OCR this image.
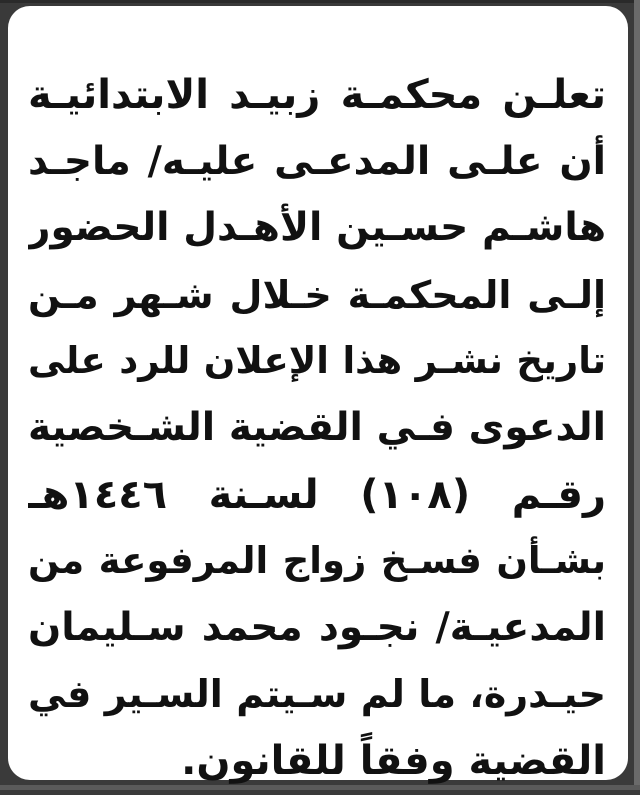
تعلـن محكمـة زبيـد الابتدائيـة
أن علـى المدعـى عليـه/ ماجـد
هاشـم حسـين الأهـدل الحضور
إلـى المحكمـة خـلال شـهر مـن
تاريخ نشـر هذا الإعلان للرد على
الدعوى فـي القضية الشـخصية
رقـم (١٠٨) لسـنة ١٤٤٦هـ
بشـأن فسـخ زواج المرفوعة من
المدعيـة/ نجـود محمد سـليمان
حيـدرة، ما لم سـيتم السـير في
القضية وفقاً للقانون.
